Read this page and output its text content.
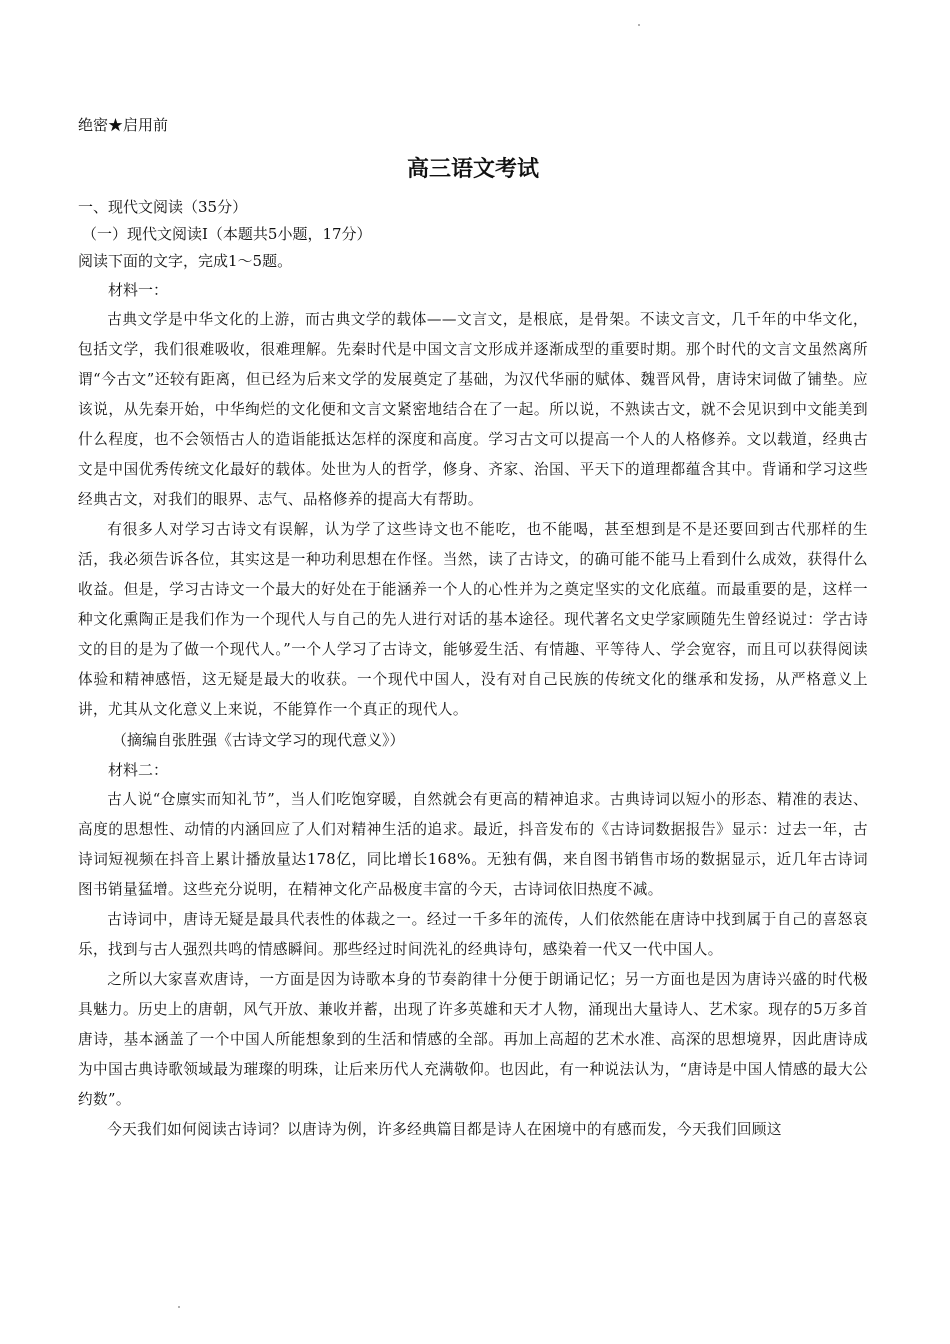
绝密★启用前

高三语文考试

一、现代文阅读（35分）

（一）现代文阅读Ⅰ（本题共5小题，17分）

阅读下面的文字，完成1～5题。

材料一：

古典文学是中华文化的上游，而古典文学的载体——文言文，是根底，是骨架。不读文言文，几千年的中华文化，包括文学，我们很难吸收，很难理解。先秦时代是中国文言文形成并逐渐成型的重要时期。那个时代的文言文虽然离所谓“今古文”还较有距离，但已经为后来文学的发展奠定了基础，为汉代华丽的赋体、魏晋风骨，唐诗宋词做了铺垫。应该说，从先秦开始，中华绚烂的文化便和文言文紧密地结合在了一起。所以说，不熟读古文，就不会见识到中文能美到什么程度，也不会领悟古人的造诣能抵达怎样的深度和高度。学习古文可以提高一个人的人格修养。文以载道，经典古文是中国优秀传统文化最好的载体。处世为人的哲学，修身、齐家、治国、平天下的道理都蕴含其中。背诵和学习这些经典古文，对我们的眼界、志气、品格修养的提高大有帮助。

有很多人对学习古诗文有误解，认为学了这些诗文也不能吃，也不能喝，甚至想到是不是还要回到古代那样的生活，我必须告诉各位，其实这是一种功利思想在作怪。当然，读了古诗文，的确可能不能马上看到什么成效，获得什么收益。但是，学习古诗文一个最大的好处在于能涵养一个人的心性并为之奠定坚实的文化底蕴。而最重要的是，这样一种文化熏陶正是我们作为一个现代人与自己的先人进行对话的基本途径。现代著名文史学家顾随先生曾经说过：学古诗文的目的是为了做一个现代人。”一个人学习了古诗文，能够爱生活、有情趣、平等待人、学会宽容，而且可以获得阅读体验和精神感悟，这无疑是最大的收获。一个现代中国人，没有对自己民族的传统文化的继承和发扬，从严格意义上讲，尤其从文化意义上来说，不能算作一个真正的现代人。

（摘编自张胜强《古诗文学习的现代意义》）

材料二：

古人说“仓廪实而知礼节”，当人们吃饱穿暖，自然就会有更高的精神追求。古典诗词以短小的形态、精准的表达、高度的思想性、动情的内涵回应了人们对精神生活的追求。最近，抖音发布的《古诗词数据报告》显示：过去一年，古诗词短视频在抖音上累计播放量达178亿，同比增长168%。无独有偶，来自图书销售市场的数据显示，近几年古诗词图书销量猛增。这些充分说明，在精神文化产品极度丰富的今天，古诗词依旧热度不减。

古诗词中，唐诗无疑是最具代表性的体裁之一。经过一千多年的流传，人们依然能在唐诗中找到属于自己的喜怒哀乐，找到与古人强烈共鸣的情感瞬间。那些经过时间洗礼的经典诗句，感染着一代又一代中国人。

之所以大家喜欢唐诗，一方面是因为诗歌本身的节奏韵律十分便于朗诵记忆；另一方面也是因为唐诗兴盛的时代极具魅力。历史上的唐朝，风气开放、兼收并蓄，出现了许多英雄和天才人物，涌现出大量诗人、艺术家。现存的5万多首唐诗，基本涵盖了一个中国人所能想象到的生活和情感的全部。再加上高超的艺术水准、高深的思想境界，因此唐诗成为中国古典诗歌领域最为璀璨的明珠，让后来历代人充满敬仰。也因此，有一种说法认为，“唐诗是中国人情感的最大公约数”。

今天我们如何阅读古诗词？以唐诗为例，许多经典篇目都是诗人在困境中的有感而发，今天我们回顾这
